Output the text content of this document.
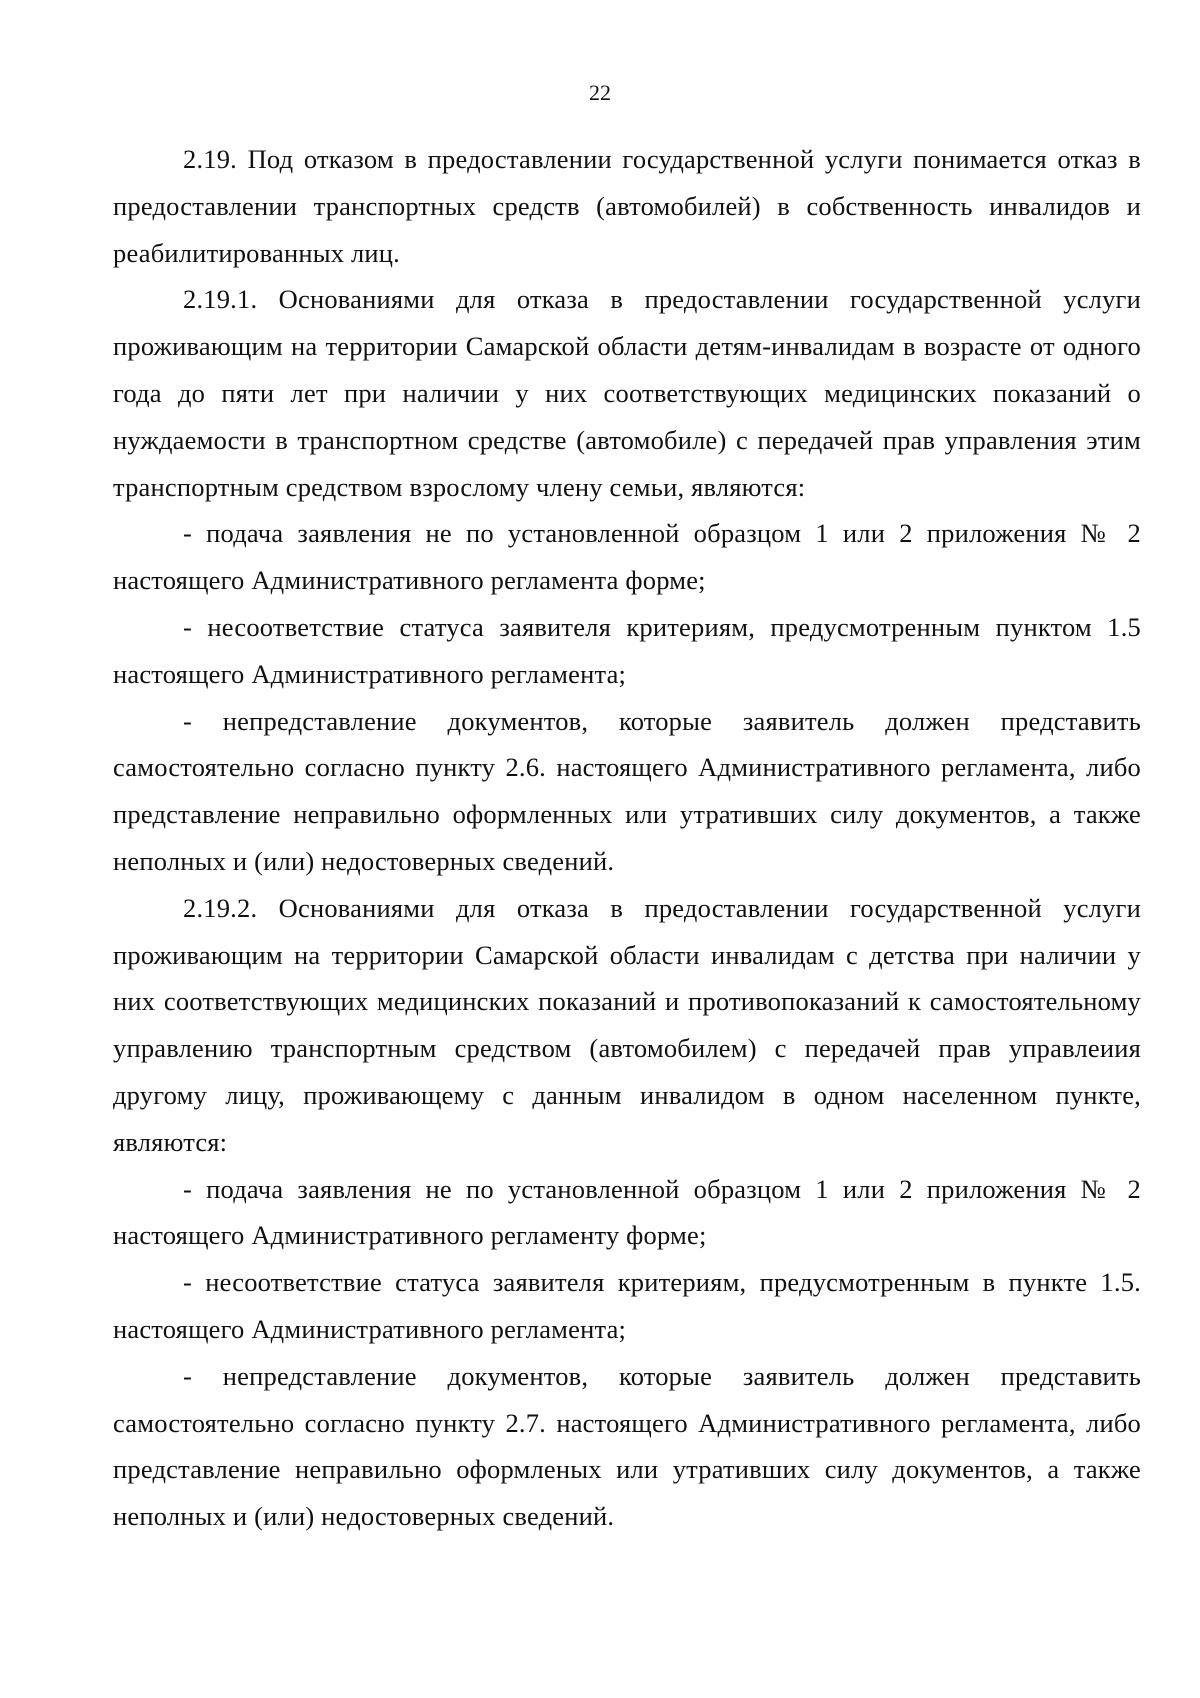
22

2.19. Под отказом в предоставлении государственной услуги понимается отказ в предоставлении транспортных средств (автомобилей) в собственность инвалидов и реабилитированных лиц.

2.19.1. Основаниями для отказа в предоставлении государственной услуги проживающим на территории Самарской области детям-инвалидам в возрасте от одного года до пяти лет при наличии у них соответствующих медицинских показаний о нуждаемости в транспортном средстве (автомобиле) с передачей прав управления этим транспортным средством взрослому члену семьи, являются:

- подача заявления не по установленной образцом 1 или 2 приложения № 2 настоящего Административного регламента форме;

- несоответствие статуса заявителя критериям, предусмотренным пунктом 1.5 настоящего Административного регламента;

- непредставление документов, которые заявитель должен представить самостоятельно согласно пункту 2.6. настоящего Административного регламента, либо представление неправильно оформленных или утративших силу документов, а также неполных и (или) недостоверных сведений.

2.19.2. Основаниями для отказа в предоставлении государственной услуги проживающим на территории Самарской области инвалидам с детства при наличии у них соответствующих медицинских показаний и противопоказаний к самостоятельному управлению транспортным средством (автомобилем) с передачей прав управлеиия другому лицу, проживающему с данным инвалидом в одном населенном пункте, являются:

- подача заявления не по установленной образцом 1 или 2 приложения № 2 настоящего Административного регламенту форме;

- несоответствие статуса заявителя критериям, предусмотренным в пункте 1.5. настоящего Административного регламента;

- непредставление документов, которые заявитель должен представить самостоятельно согласно пункту 2.7. настоящего Административного регламента, либо представление неправильно оформленых или утративших силу документов, а также неполных и (или) недостоверных сведений.
